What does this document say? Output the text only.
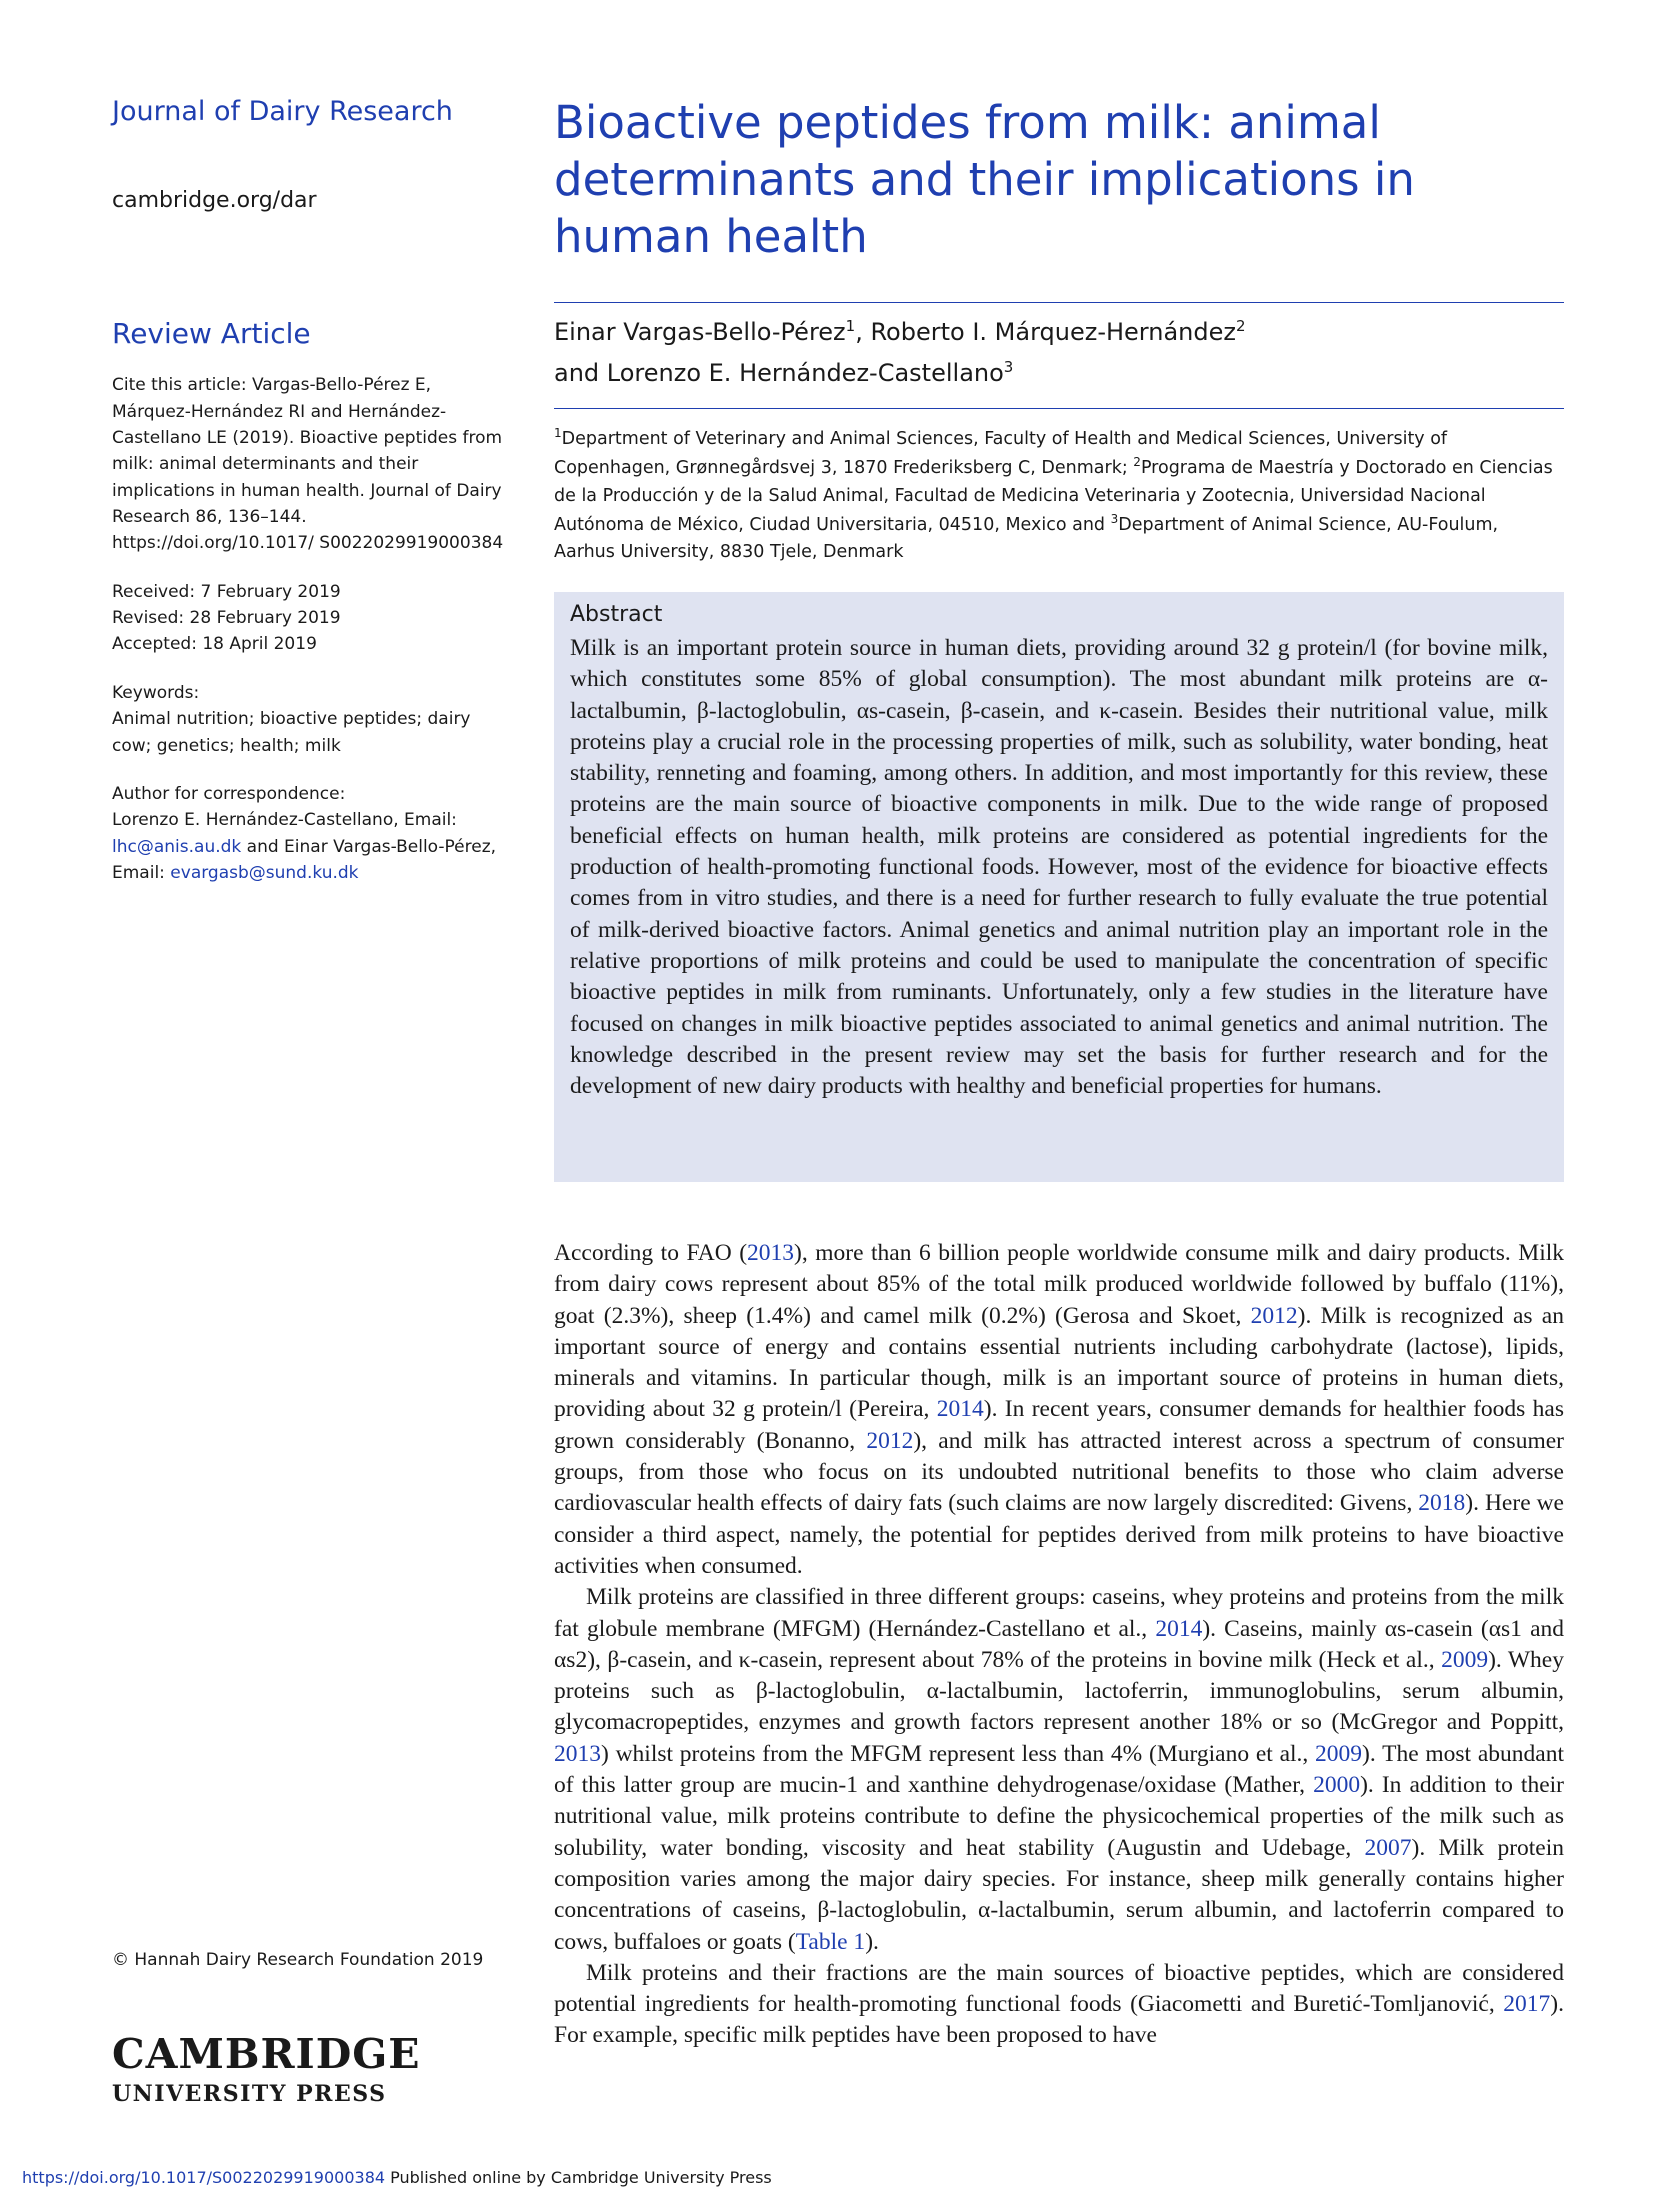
Journal of Dairy Research
cambridge.org/dar
Review Article
Cite this article: Vargas-Bello-Pérez E, Márquez-Hernández RI and Hernández-Castellano LE (2019). Bioactive peptides from milk: animal determinants and their implications in human health. Journal of Dairy Research 86, 136–144. https://doi.org/10.1017/ S0022029919000384
Received: 7 February 2019
Revised: 28 February 2019
Accepted: 18 April 2019
Keywords:
Animal nutrition; bioactive peptides; dairy cow; genetics; health; milk
Author for correspondence:
Lorenzo E. Hernández-Castellano, Email: lhc@anis.au.dk and Einar Vargas-Bello-Pérez, Email: evargasb@sund.ku.dk
© Hannah Dairy Research Foundation 2019
CAMBRIDGE
UNIVERSITY PRESS
Bioactive peptides from milk: animal determinants and their implications in human health
Einar Vargas-Bello-Pérez$^1$, Roberto I. Márquez-Hernández$^2$
and Lorenzo E. Hernández-Castellano$^3$
$^1$Department of Veterinary and Animal Sciences, Faculty of Health and Medical Sciences, University of Copenhagen, Grønnegårdsvej 3, 1870 Frederiksberg C, Denmark; $^2$Programa de Maestría y Doctorado en Ciencias de la Producción y de la Salud Animal, Facultad de Medicina Veterinaria y Zootecnia, Universidad Nacional Autónoma de México, Ciudad Universitaria, 04510, Mexico and $^3$Department of Animal Science, AU-Foulum, Aarhus University, 8830 Tjele, Denmark
Abstract

Milk is an important protein source in human diets, providing around 32 g protein/l (for bovine milk, which constitutes some 85% of global consumption). The most abundant milk proteins are α-lactalbumin, β-lactoglobulin, αs-casein, β-casein, and κ-casein. Besides their nutritional value, milk proteins play a crucial role in the processing properties of milk, such as solubility, water bonding, heat stability, renneting and foaming, among others. In addition, and most importantly for this review, these proteins are the main source of bioactive components in milk. Due to the wide range of proposed beneficial effects on human health, milk proteins are considered as potential ingredients for the production of health-promoting functional foods. However, most of the evidence for bioactive effects comes from in vitro studies, and there is a need for further research to fully evaluate the true potential of milk-derived bioactive factors. Animal genetics and animal nutrition play an important role in the relative proportions of milk proteins and could be used to manipulate the concentration of specific bioactive peptides in milk from ruminants. Unfortunately, only a few studies in the literature have focused on changes in milk bioactive peptides associated to animal genetics and animal nutrition. The knowledge described in the present review may set the basis for further research and for the development of new dairy products with healthy and beneficial properties for humans.

According to FAO (2013), more than 6 billion people worldwide consume milk and dairy products. Milk from dairy cows represent about 85% of the total milk produced worldwide followed by buffalo (11%), goat (2.3%), sheep (1.4%) and camel milk (0.2%) (Gerosa and Skoet, 2012). Milk is recognized as an important source of energy and contains essential nutrients including carbohydrate (lactose), lipids, minerals and vitamins. In particular though, milk is an important source of proteins in human diets, providing about 32 g protein/l (Pereira, 2014). In recent years, consumer demands for healthier foods has grown considerably (Bonanno, 2012), and milk has attracted interest across a spectrum of consumer groups, from those who focus on its undoubted nutritional benefits to those who claim adverse cardiovascular health effects of dairy fats (such claims are now largely discredited: Givens, 2018). Here we consider a third aspect, namely, the potential for peptides derived from milk proteins to have bioactive activities when consumed.

Milk proteins are classified in three different groups: caseins, whey proteins and proteins from the milk fat globule membrane (MFGM) (Hernández-Castellano et al., 2014). Caseins, mainly αs-casein (αs1 and αs2), β-casein, and κ-casein, represent about 78% of the proteins in bovine milk (Heck et al., 2009). Whey proteins such as β-lactoglobulin, α-lactalbumin, lactoferrin, immunoglobulins, serum albumin, glycomacropeptides, enzymes and growth factors represent another 18% or so (McGregor and Poppitt, 2013) whilst proteins from the MFGM represent less than 4% (Murgiano et al., 2009). The most abundant of this latter group are mucin-1 and xanthine dehydrogenase/oxidase (Mather, 2000). In addition to their nutritional value, milk proteins contribute to define the physicochemical properties of the milk such as solubility, water bonding, viscosity and heat stability (Augustin and Udebage, 2007). Milk protein composition varies among the major dairy species. For instance, sheep milk generally contains higher concentrations of caseins, β-lactoglobulin, α-lactalbumin, serum albumin, and lactoferrin compared to cows, buffaloes or goats (Table 1).

Milk proteins and their fractions are the main sources of bioactive peptides, which are considered potential ingredients for health-promoting functional foods (Giacometti and Buretić-Tomljanović, 2017). For example, specific milk peptides have been proposed to have

https://doi.org/10.1017/S0022029919000384 Published online by Cambridge University Press
